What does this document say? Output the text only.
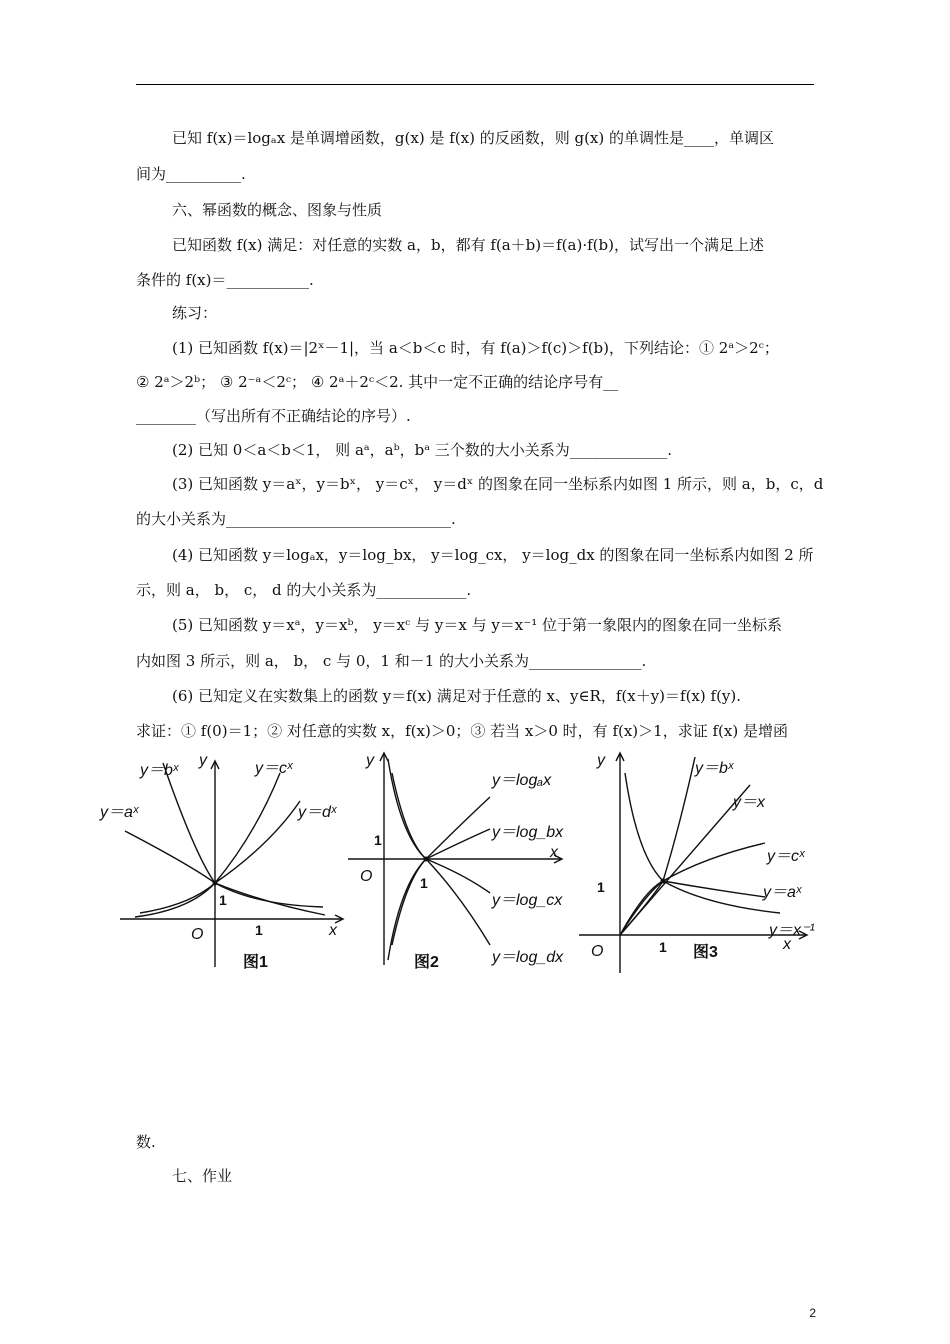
已知 f(x)＝logₐx 是单调增函数，g(x) 是 f(x) 的反函数，则 g(x) 的单调性是____，单调区
间为__________.
六、幂函数的概念、图象与性质
已知函数 f(x) 满足：对任意的实数 a，b，都有 f(a＋b)＝f(a)·f(b)，试写出一个满足上述
条件的 f(x)＝___________.
练习：
(1) 已知函数 f(x)＝|2ˣ－1|，当 a＜b＜c 时，有 f(a)＞f(c)＞f(b)，下列结论：① 2ᵃ＞2ᶜ；
② 2ᵃ＞2ᵇ； ③ 2⁻ᵃ＜2ᶜ； ④ 2ᵃ＋2ᶜ＜2. 其中一定不正确的结论序号有__
________（写出所有不正确结论的序号）.
(2) 已知 0＜a＜b＜1， 则 aᵃ，aᵇ，bᵃ 三个数的大小关系为_____________.
(3) 已知函数 y＝aˣ，y＝bˣ， y＝cˣ， y＝dˣ 的图象在同一坐标系内如图 1 所示，则 a，b，c，d
的大小关系为______________________________.
(4) 已知函数 y＝logₐx，y＝log_bx， y＝log_cx， y＝log_dx 的图象在同一坐标系内如图 2 所
示，则 a， b， c， d 的大小关系为____________.
(5) 已知函数 y＝xᵃ，y＝xᵇ， y＝xᶜ 与 y＝x 与 y＝x⁻¹ 位于第一象限内的图象在同一坐标系
内如图 3 所示，则 a， b， c 与 0，1 和－1 的大小关系为_______________.
(6) 已知定义在实数集上的函数 y＝f(x) 满足对于任意的 x、y∈R，f(x＋y)＝f(x) f(y).
求证：① f(0)＝1；② 对任意的实数 x，f(x)＞0；③ 若当 x＞0 时，有 f(x)＞1，求证 f(x) 是增函
数.
七、作业
y＝bˣ
y	y＝cˣ
y＝aˣ	y＝dˣ
1
1
O	x
图1
y
y＝logₐx
y＝log_bx
1
x
O	1
y＝log_cx
y＝log_dx
图2
y	y＝bˣ
y＝x
y＝cˣ
1	y＝aˣ
y＝x⁻¹
O	1	x
图3
2
